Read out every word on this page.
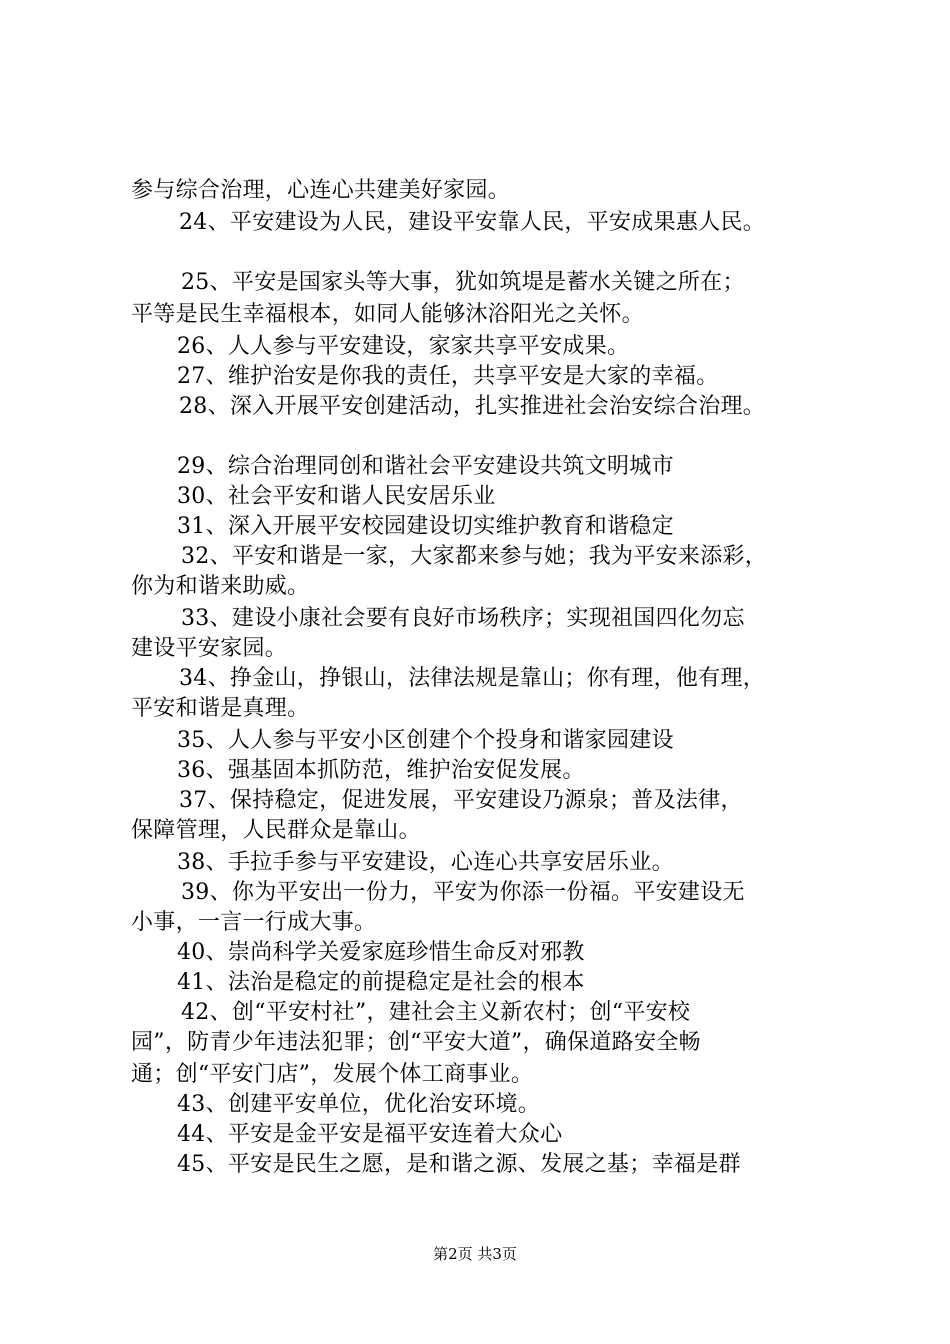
参与综合治理，心连心共建美好家园。
24、平安建设为人民，建设平安靠人民，平安成果惠人民。
25、平安是国家头等大事，犹如筑堤是蓄水关键之所在；
平等是民生幸福根本，如同人能够沐浴阳光之关怀。
26、人人参与平安建设，家家共享平安成果。
27、维护治安是你我的责任，共享平安是大家的幸福。
28、深入开展平安创建活动，扎实推进社会治安综合治理。
29、综合治理同创和谐社会平安建设共筑文明城市
30、社会平安和谐人民安居乐业
31、深入开展平安校园建设切实维护教育和谐稳定
32、平安和谐是一家，大家都来参与她；我为平安来添彩，
你为和谐来助威。
33、建设小康社会要有良好市场秩序；实现祖国四化勿忘
建设平安家园。
34、挣金山，挣银山，法律法规是靠山；你有理，他有理，
平安和谐是真理。
35、人人参与平安小区创建个个投身和谐家园建设
36、强基固本抓防范，维护治安促发展。
37、保持稳定，促进发展，平安建设乃源泉；普及法律，
保障管理，人民群众是靠山。
38、手拉手参与平安建设，心连心共享安居乐业。
39、你为平安出一份力，平安为你添一份福。平安建设无
小事，一言一行成大事。
40、崇尚科学关爱家庭珍惜生命反对邪教
41、法治是稳定的前提稳定是社会的根本
42、创“平安村社”，建社会主义新农村；创“平安校
园”，防青少年违法犯罪；创“平安大道”，确保道路安全畅
通；创“平安门店”，发展个体工商事业。
43、创建平安单位，优化治安环境。
44、平安是金平安是福平安连着大众心
45、平安是民生之愿，是和谐之源、发展之基；幸福是群
第2页 共3页
